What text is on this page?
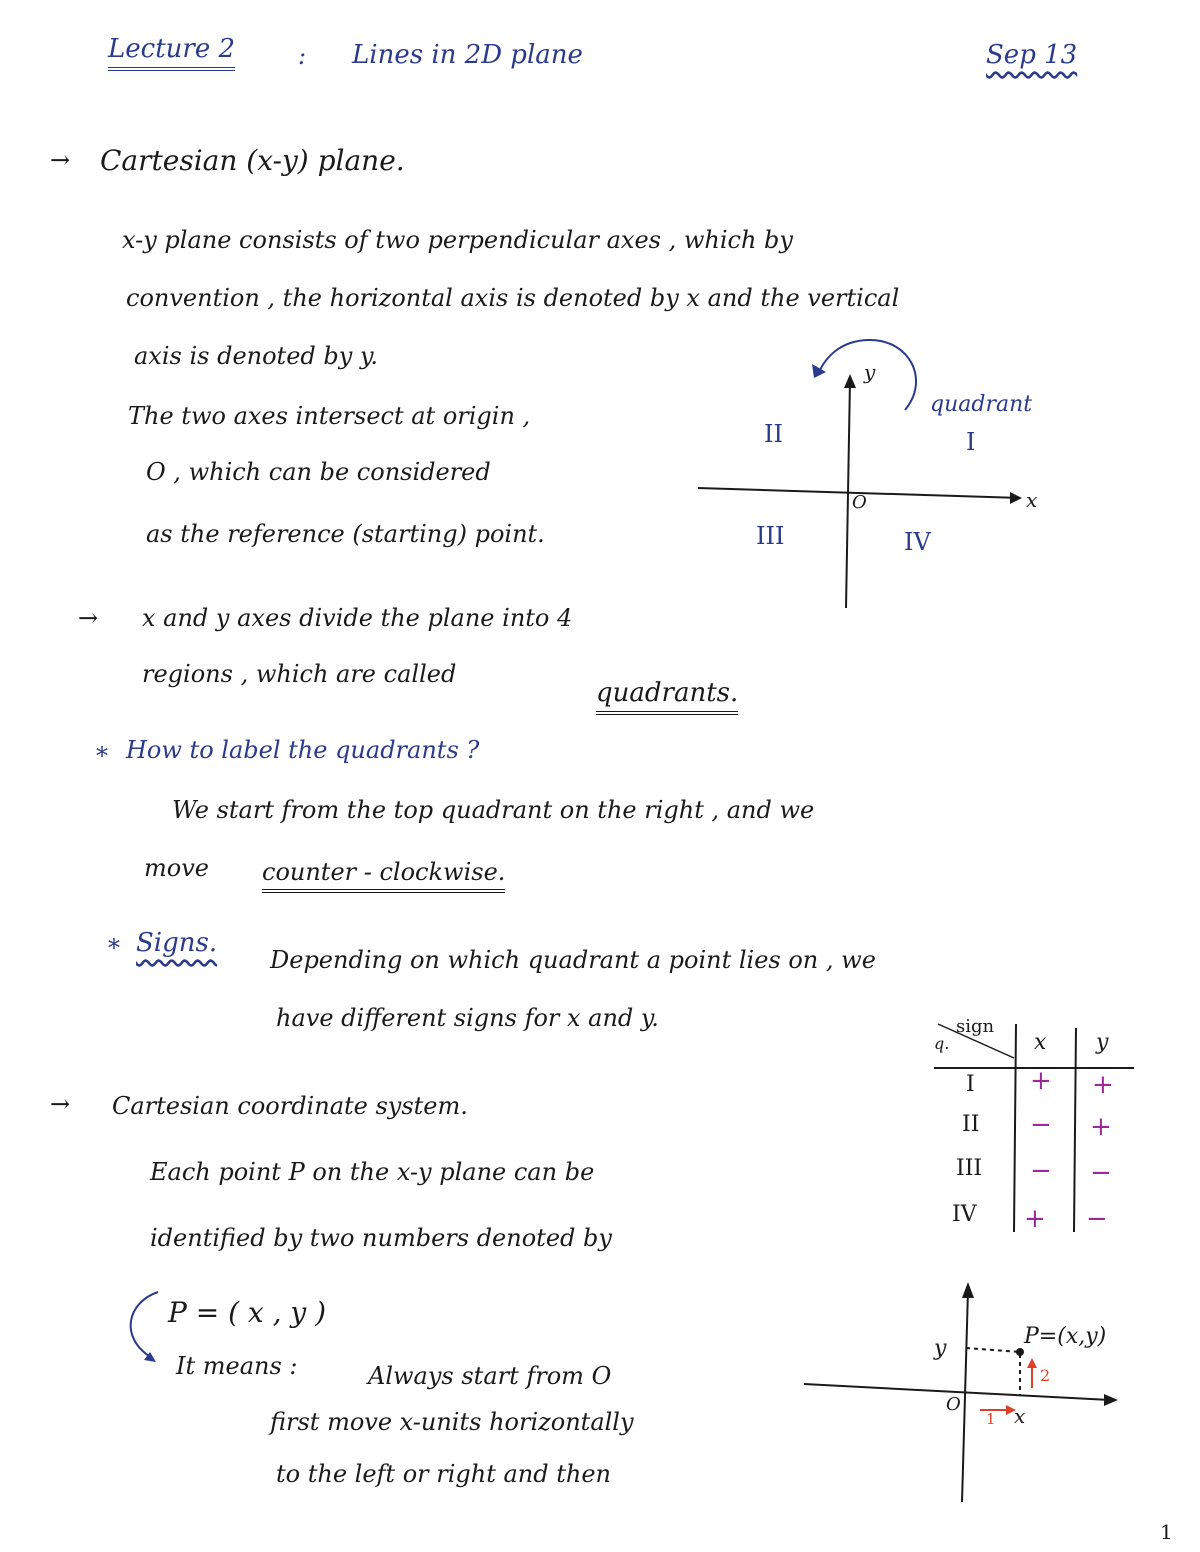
Lecture 2	: Lines in 2D plane	Sep 13
→ Cartesian (x-y) plane.
x-y plane consists of two perpendicular axes , which by
convention , the horizontal axis is denoted by x and the vertical
axis is denoted by y.
The two axes intersect at origin ,
O , which can be considered
as the reference (starting) point.
y
x
O
quadrant
I
II
III	IV
→ x and y axes divide the plane into 4
regions , which are called
quadrants.
* How to label the quadrants ?
We start from the top quadrant on the right , and we
move counter - clockwise.
* Signs.
Depending on which quadrant a point lies on , we
have different signs for x and y.	sign
q.	x y
I + +
II − +
III − −
IV + −
→ Cartesian coordinate system.
Each point P on the x-y plane can be
identified by two numbers denoted by
P = ( x , y )
It means :	Always start from O
first move x-units horizontally
to the left or right and then
P=(x,y)
y
x
O
1
2
1
